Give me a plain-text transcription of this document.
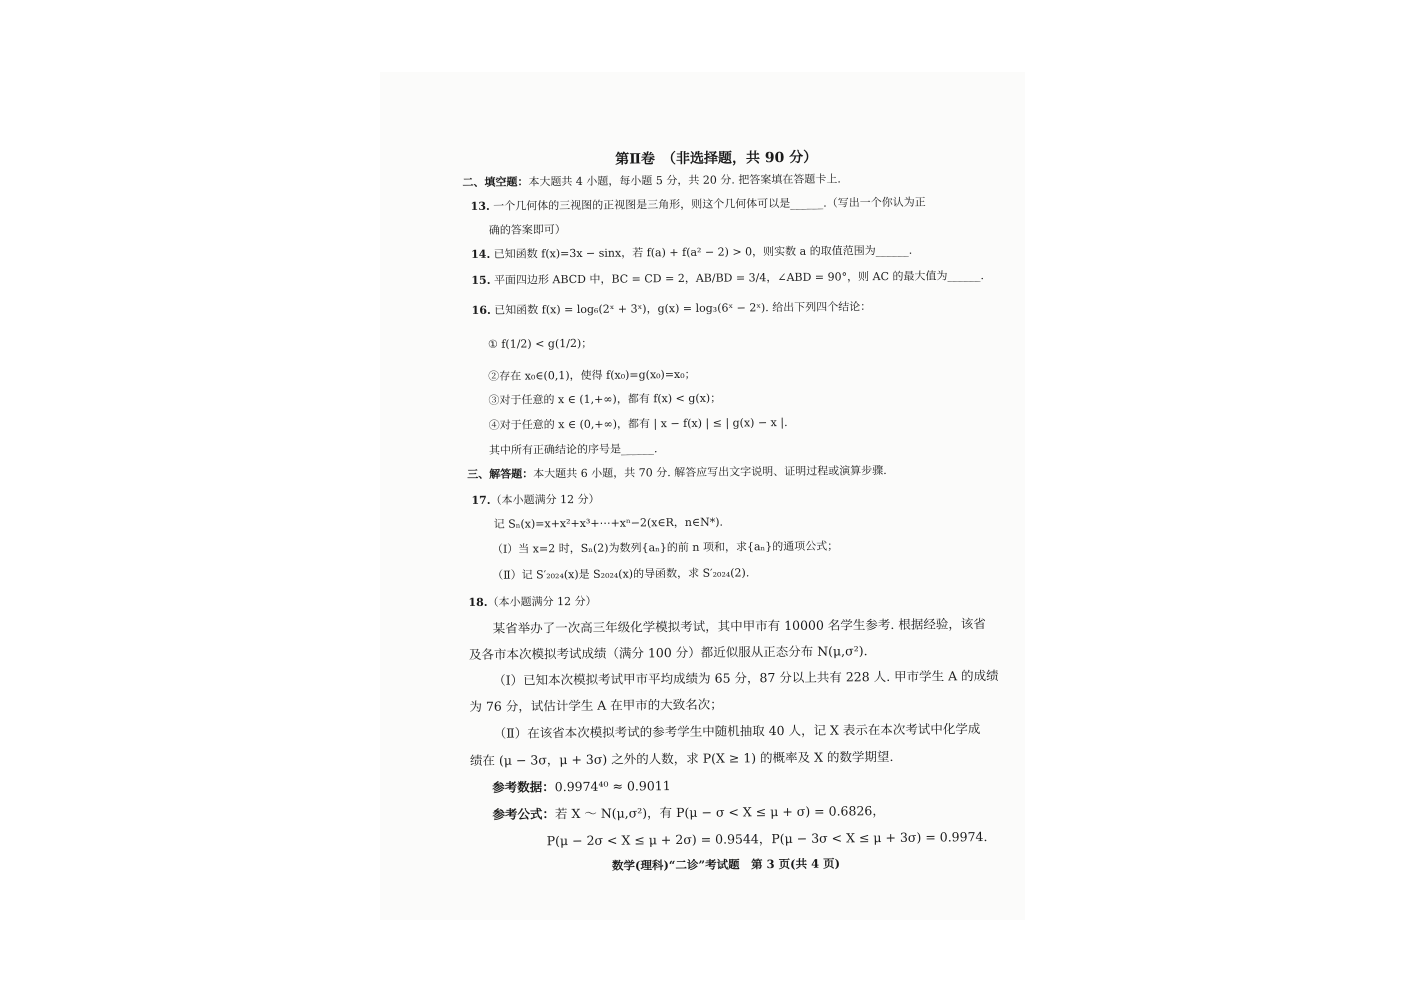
第Ⅱ卷　（非选择题，共 90 分）
二、填空题：本大题共 4 小题，每小题 5 分，共 20 分. 把答案填在答题卡上.
13. 一个几何体的三视图的正视图是三角形，则这个几何体可以是______.（写出一个你认为正
确的答案即可）
14. 已知函数 f(x)=3x − sinx，若 f(a) + f(a² − 2) > 0，则实数 a 的取值范围为______.
15. 平面四边形 ABCD 中，BC = CD = 2，AB/BD = 3/4，∠ABD = 90°，则 AC 的最大值为______.
16. 已知函数 f(x) = log₆(2ˣ + 3ˣ)，g(x) = log₃(6ˣ − 2ˣ). 给出下列四个结论：
① f(1/2) < g(1/2)；
②存在 x₀∈(0,1)，使得 f(x₀)=g(x₀)=x₀；
③对于任意的 x ∈ (1,+∞)，都有 f(x) < g(x)；
④对于任意的 x ∈ (0,+∞)，都有 | x − f(x) | ≤ | g(x) − x |.
其中所有正确结论的序号是______.
三、解答题：本大题共 6 小题，共 70 分. 解答应写出文字说明、证明过程或演算步骤.
17.（本小题满分 12 分）
记 Sₙ(x)=x+x²+x³+⋯+xⁿ−2(x∈R，n∈N*).
（Ⅰ）当 x=2 时，Sₙ(2)为数列{aₙ}的前 n 项和，求{aₙ}的通项公式；
（Ⅱ）记 S′₂₀₂₄(x)是 S₂₀₂₄(x)的导函数，求 S′₂₀₂₄(2).
18.（本小题满分 12 分）
某省举办了一次高三年级化学模拟考试，其中甲市有 10000 名学生参考. 根据经验，该省
及各市本次模拟考试成绩（满分 100 分）都近似服从正态分布 N(μ,σ²).
（Ⅰ）已知本次模拟考试甲市平均成绩为 65 分，87 分以上共有 228 人. 甲市学生 A 的成绩
为 76 分，试估计学生 A 在甲市的大致名次；
（Ⅱ）在该省本次模拟考试的参考学生中随机抽取 40 人，记 X 表示在本次考试中化学成
绩在 (μ − 3σ，μ + 3σ) 之外的人数，求 P(X ≥ 1) 的概率及 X 的数学期望.
参考数据：0.9974⁴⁰ ≈ 0.9011
参考公式：若 X ～ N(μ,σ²)，有 P(μ − σ < X ≤ μ + σ) = 0.6826，
P(μ − 2σ < X ≤ μ + 2σ) = 0.9544，P(μ − 3σ < X ≤ μ + 3σ) = 0.9974.
数学(理科)“二诊”考试题　第 3 页(共 4 页)
